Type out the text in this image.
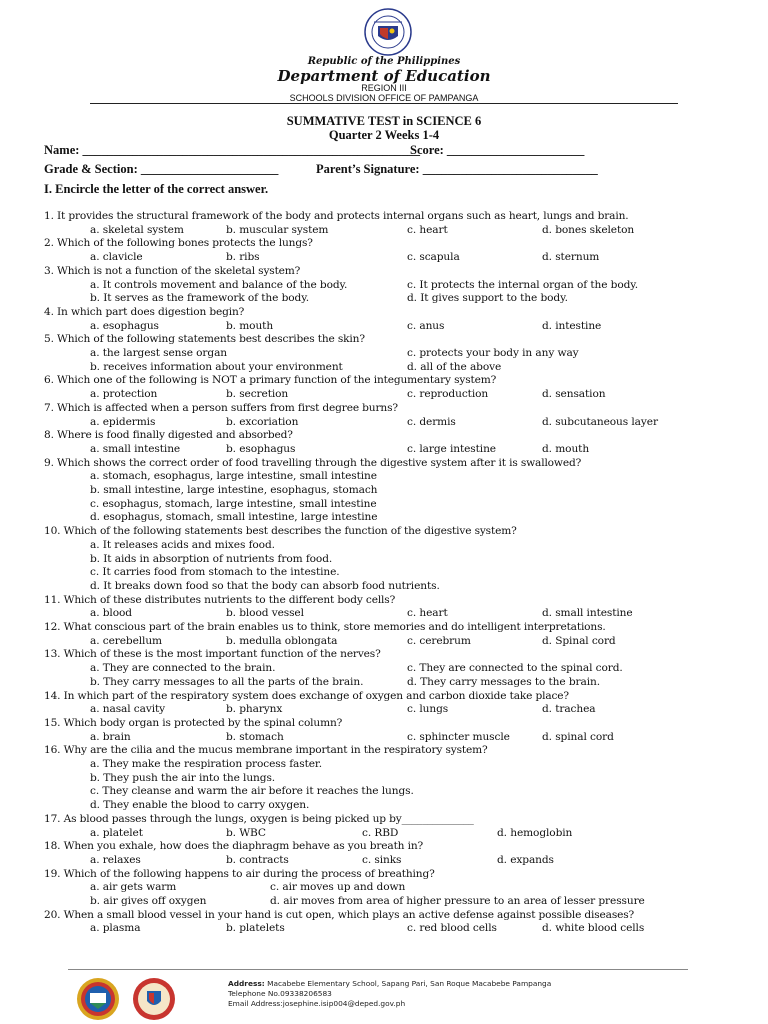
Republic of the Philippines
Department of Education
REGION III
SCHOOLS DIVISION OFFICE OF PAMPANGA
SUMMATIVE TEST in SCIENCE 6
Quarter 2 Weeks 1-4
Name: ______________________________________________________
Score: ______________________
Grade & Section: ______________________	Parent’s Signature: ____________________________
I. Encircle the letter of the correct answer.
1. It provides the structural framework of the body and protects internal organs such as heart, lungs and brain.
a. skeletal system	b. muscular system	c. heart	d. bones skeleton
2. Which of the following bones protects the lungs?
a. clavicle	b. ribs	c. scapula	d. sternum
3. Which is not a function of the skeletal system?
a. It controls movement and balance of the body.	c. It protects the internal organ of the body.
b. It serves as the framework of the body.	d. It gives support to the body.
4. In which part does digestion begin?
a. esophagus	b. mouth	c. anus	d. intestine
5. Which of the following statements best describes the skin?
a. the largest sense organ	c. protects your body in any way
b. receives information about your environment	d. all of the above
6. Which one of the following is NOT a primary function of the integumentary system?
a. protection	b. secretion	c. reproduction	d. sensation
7. Which is affected when a person suffers from first degree burns?
a. epidermis	b. excoriation	c. dermis	d. subcutaneous layer
8. Where is food finally digested and absorbed?
a. small intestine	b. esophagus	c. large intestine	d. mouth
9. Which shows the correct order of food travelling through the digestive system after it is swallowed?
a. stomach, esophagus, large intestine, small intestine
b. small intestine, large intestine, esophagus, stomach
c. esophagus, stomach, large intestine, small intestine
d. esophagus, stomach, small intestine, large intestine
10. Which of the following statements best describes the function of the digestive system?
a. It releases acids and mixes food.
b. It aids in absorption of nutrients from food.
c. It carries food from stomach to the intestine.
d. It breaks down food so that the body can absorb food nutrients.
11. Which of these distributes nutrients to the different body cells?
a. blood	b. blood vessel	c. heart	d. small intestine
12. What conscious part of the brain enables us to think, store memories and do intelligent interpretations.
a. cerebellum	b. medulla oblongata	c. cerebrum	d. Spinal cord
13. Which of these is the most important function of the nerves?
a. They are connected to the brain.	c. They are connected to the spinal cord.
b. They carry messages to all the parts of the brain.	d. They carry messages to the brain.
14. In which part of the respiratory system does exchange of oxygen and carbon dioxide take place?
a. nasal cavity	b. pharynx	c. lungs	d. trachea
15. Which body organ is protected by the spinal column?
a. brain	b. stomach	c. sphincter muscle	d. spinal cord
16. Why are the cilia and the mucus membrane important in the respiratory system?
a. They make the respiration process faster.
b. They push the air into the lungs.
c. They cleanse and warm the air before it reaches the lungs.
d. They enable the blood to carry oxygen.
17. As blood passes through the lungs, oxygen is being picked up by______________
a. platelet	b. WBC	c. RBD	d. hemoglobin
18. When you exhale, how does the diaphragm behave as you breath in?
a. relaxes	b. contracts	c. sinks	d. expands
19. Which of the following happens to air during the process of breathing?
a. air gets warm	c. air moves up and down
b. air gives off oxygen	d. air moves from area of higher pressure to an area of lesser pressure
20. When a small blood vessel in your hand is cut open, which plays an active defense against possible diseases?
a. plasma	b. platelets	c. red blood cells	d. white blood cells
Address: Macabebe Elementary School, Sapang Pari, San Roque Macabebe Pampanga
Telephone No.09338206583
Email Address:josephine.isip004@deped.gov.ph
